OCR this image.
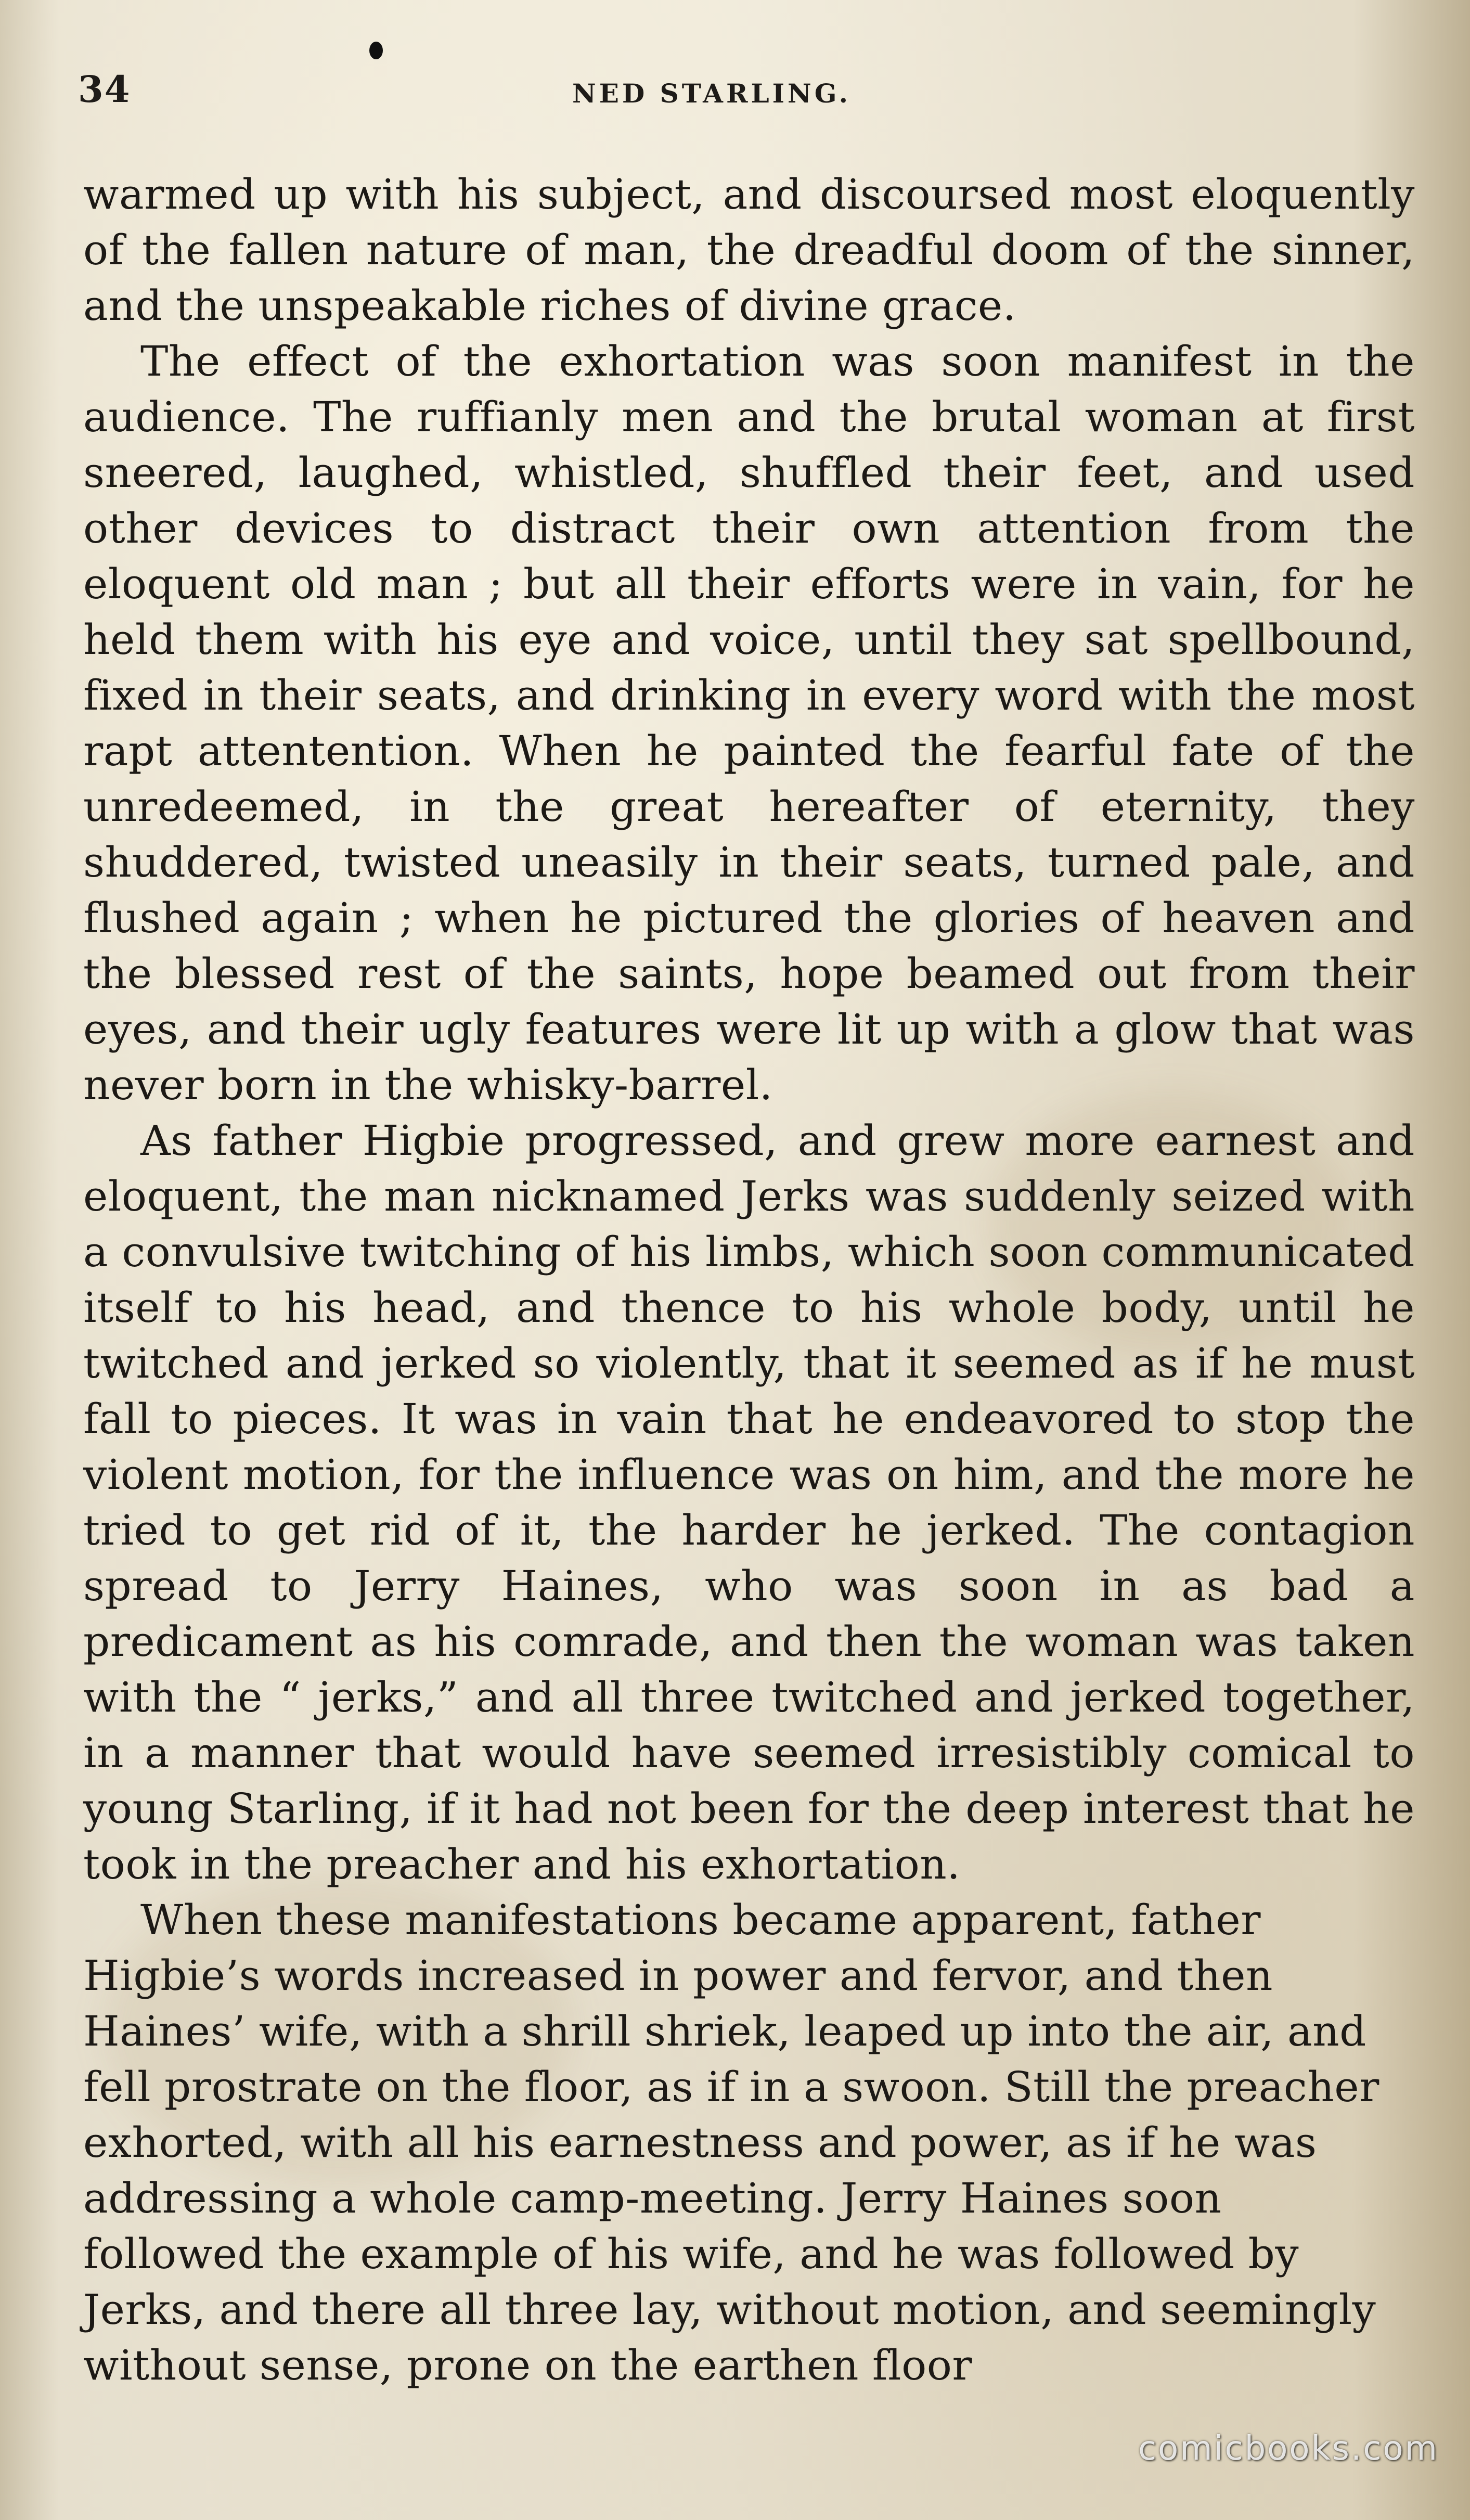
34	NED STARLING.

warmed up with his subject, and discoursed most eloquently of the fallen nature of man, the dreadful doom of the sinner, and the unspeakable riches of divine grace.

The effect of the exhortation was soon manifest in the audience. The ruffianly men and the brutal woman at first sneered, laughed, whistled, shuffled their feet, and used other devices to distract their own attention from the eloquent old man ; but all their efforts were in vain, for he held them with his eye and voice, until they sat spellbound, fixed in their seats, and drinking in every word with the most rapt attentention. When he painted the fearful fate of the unredeemed, in the great hereafter of eternity, they shuddered, twisted uneasily in their seats, turned pale, and flushed again ; when he pictured the glories of heaven and the blessed rest of the saints, hope beamed out from their eyes, and their ugly features were lit up with a glow that was never born in the whisky-barrel.

As father Higbie progressed, and grew more earnest and eloquent, the man nicknamed Jerks was suddenly seized with a convulsive twitching of his limbs, which soon communicated itself to his head, and thence to his whole body, until he twitched and jerked so violently, that it seemed as if he must fall to pieces. It was in vain that he endeavored to stop the violent motion, for the influence was on him, and the more he tried to get rid of it, the harder he jerked. The contagion spread to Jerry Haines, who was soon in as bad a predicament as his comrade, and then the woman was taken with the “ jerks,” and all three twitched and jerked together, in a manner that would have seemed irresistibly comical to young Starling, if it had not been for the deep interest that he took in the preacher and his exhortation.

When these manifestations became apparent, father Higbie’s words increased in power and fervor, and then Haines’ wife, with a shrill shriek, leaped up into the air, and fell prostrate on the floor, as if in a swoon. Still the preacher exhorted, with all his earnestness and power, as if he was addressing a whole camp-meeting. Jerry Haines soon followed the example of his wife, and he was followed by Jerks, and there all three lay, without motion, and seemingly without sense, prone on the earthen floor

comicbooks.com
